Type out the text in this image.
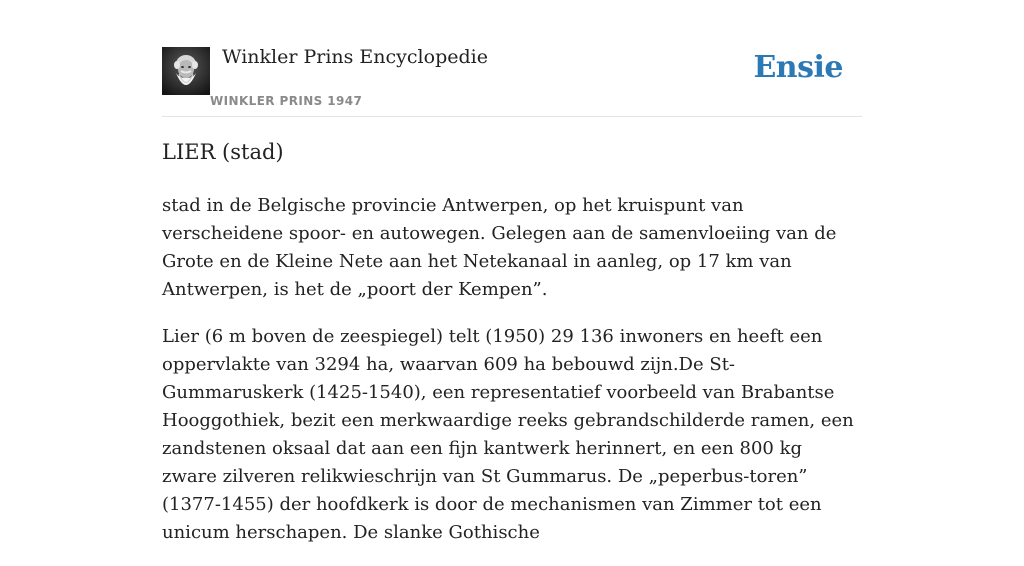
Winkler Prins Encyclopedie
WINKLER PRINS 1947
Ensie
LIER (stad)

stad in de Belgische provincie Antwerpen, op het kruispunt van verscheidene spoor- en autowegen. Gelegen aan de samenvloeiing van de Grote en de Kleine Nete aan het Netekanaal in aanleg, op 17 km van Antwerpen, is het de „poort der Kempen”.

Lier (6 m boven de zeespiegel) telt (1950) 29 136 inwoners en heeft een oppervlakte van 3294 ha, waarvan 609 ha bebouwd zijn.De St-Gummaruskerk (1425-1540), een representatief voorbeeld van Brabantse Hooggothiek, bezit een merkwaardige reeks gebrandschilderde ramen, een zandstenen oksaal dat aan een fijn kantwerk herinnert, en een 800 kg zware zilveren relikwieschrijn van St Gummarus. De „peperbus-toren” (1377-1455) der hoofdkerk is door de mechanismen van Zimmer tot een unicum herschapen. De slanke Gothische
